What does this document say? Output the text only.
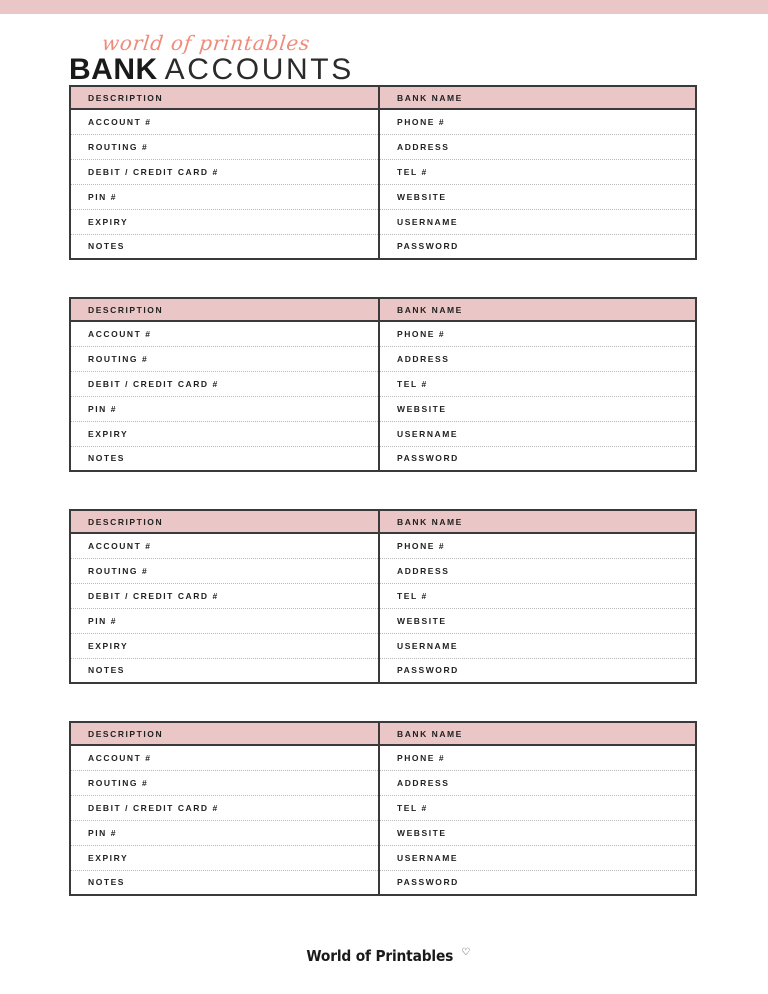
world of printables
BANK ACCOUNTS
DESCRIPTION	BANK NAME
ACCOUNT #	PHONE #
ROUTING #	ADDRESS
DEBIT / CREDIT CARD #	TEL #
PIN #	WEBSITE
EXPIRY	USERNAME
NOTES	PASSWORD
DESCRIPTION	BANK NAME
ACCOUNT #	PHONE #
ROUTING #	ADDRESS
DEBIT / CREDIT CARD #	TEL #
PIN #	WEBSITE
EXPIRY	USERNAME
NOTES	PASSWORD
DESCRIPTION	BANK NAME
ACCOUNT #	PHONE #
ROUTING #	ADDRESS
DEBIT / CREDIT CARD #	TEL #
PIN #	WEBSITE
EXPIRY	USERNAME
NOTES	PASSWORD
DESCRIPTION	BANK NAME
ACCOUNT #	PHONE #
ROUTING #	ADDRESS
DEBIT / CREDIT CARD #	TEL #
PIN #	WEBSITE
EXPIRY	USERNAME
NOTES	PASSWORD
World of Printables ♡
